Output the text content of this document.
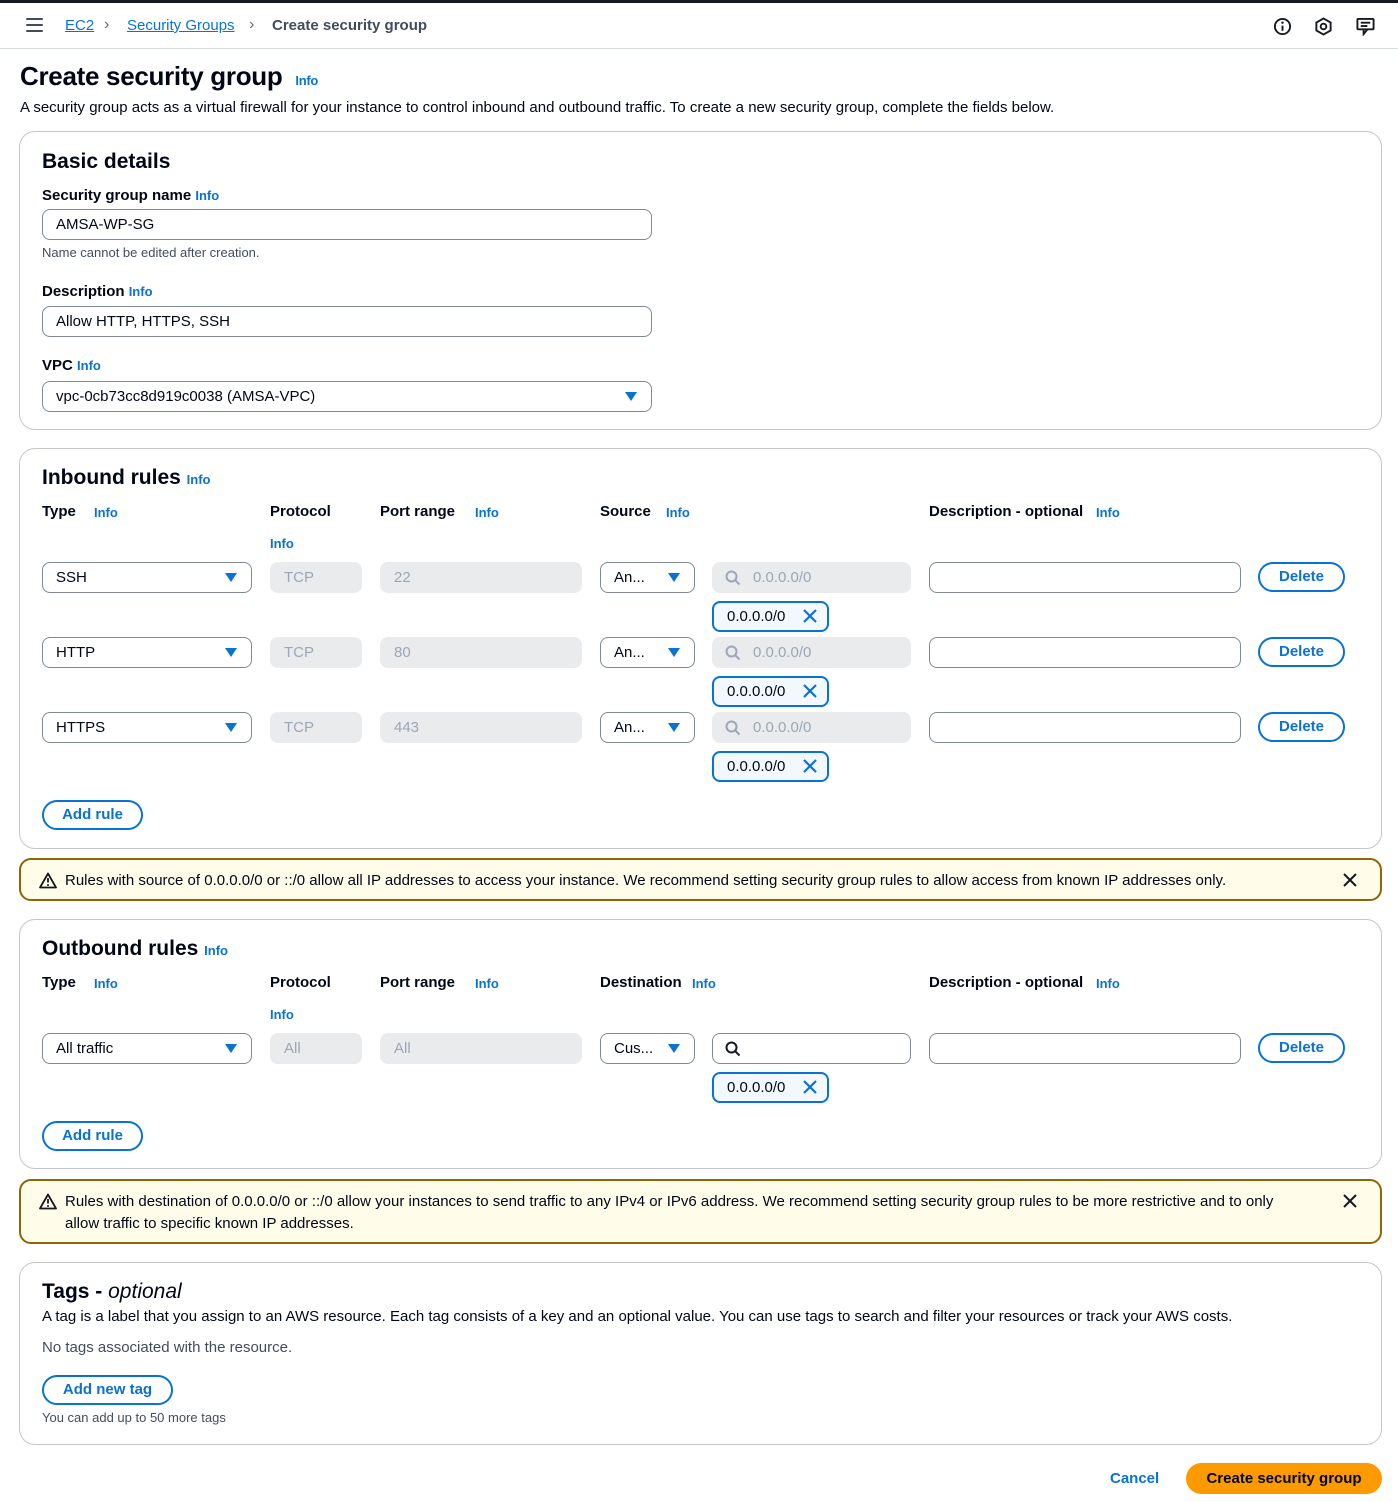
EC2 › Security Groups › Create security group
Create security group Info
A security group acts as a virtual firewall for your instance to control inbound and outbound traffic. To create a new security group, complete the fields below.
Basic details
Security group name Info
AMSA-WP-SG
Name cannot be edited after creation.
Description Info
Allow HTTP, HTTPS, SSH
VPC Info
vpc-0cb73cc8d919c0038 (AMSA-VPC)
Inbound rules Info
Type Info	Protocol
Info
Port range Info	Source Info	Description - optional Info
SSH	TCP	22	An...	0.0.0.0/0
0.0.0.0/0
Delete
HTTP	TCP	80	An...	0.0.0.0/0
0.0.0.0/0
Delete
HTTPS	TCP	443	An...	0.0.0.0/0
0.0.0.0/0
Delete
Add rule
Rules with source of 0.0.0.0/0 or ::/0 allow all IP addresses to access your instance. We recommend setting security group rules to allow access from known IP addresses only.
Outbound rules Info
Type Info	Protocol
Info
Port range Info	Destination Info	Description - optional Info
All traffic	All	All	Cus...
0.0.0.0/0
Delete
Add rule
Rules with destination of 0.0.0.0/0 or ::/0 allow your instances to send traffic to any IPv4 or IPv6 address. We recommend setting security group rules to be more restrictive and to only allow traffic to specific known IP addresses.
Tags - optional
A tag is a label that you assign to an AWS resource. Each tag consists of a key and an optional value. You can use tags to search and filter your resources or track your AWS costs.
No tags associated with the resource.
Add new tag
You can add up to 50 more tags
Cancel	Create security group
